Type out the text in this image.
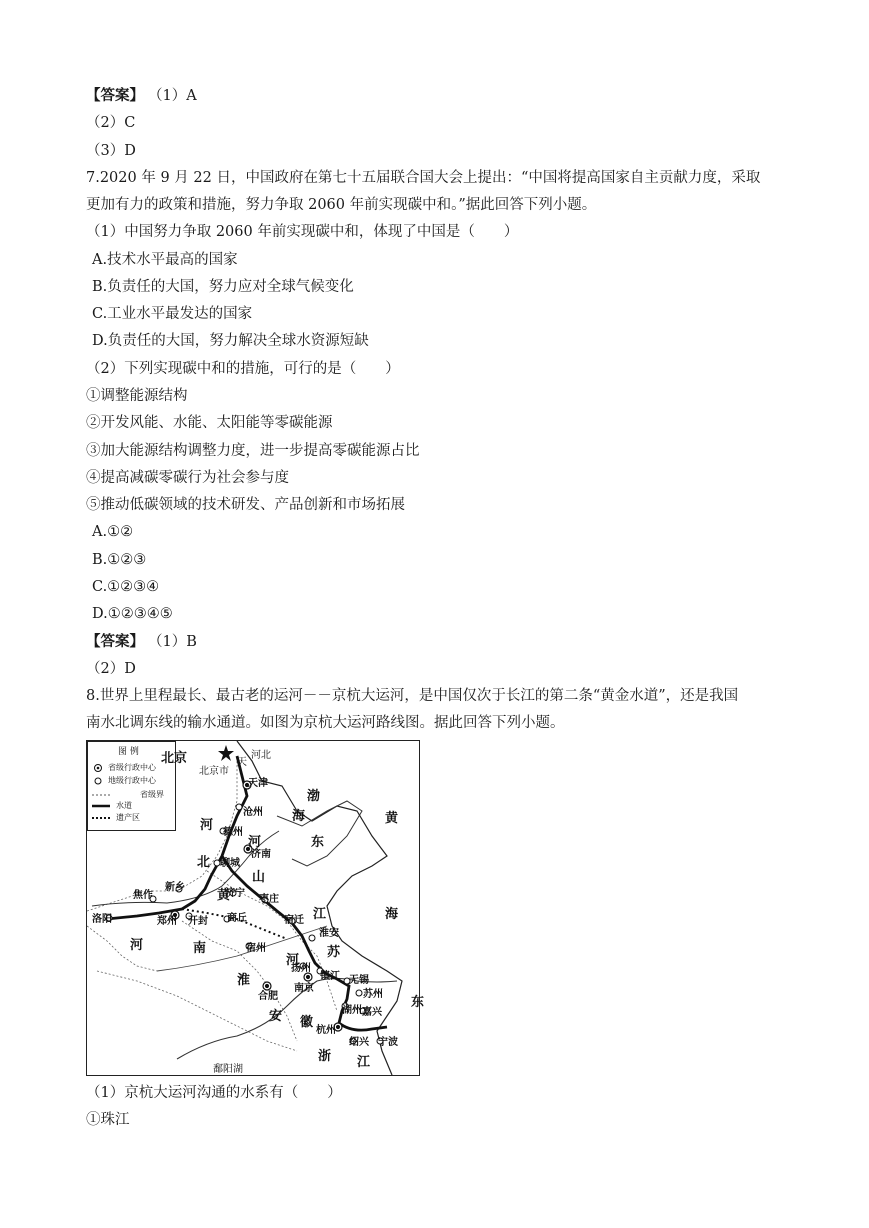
【答案】 （1）A
（2）C
（3）D
7.2020 年 9 月 22 日，中国政府在第七十五届联合国大会上提出：“中国将提高国家自主贡献力度，采取
更加有力的政策和措施，努力争取 2060 年前实现碳中和。”据此回答下列小题。
（1）中国努力争取 2060 年前实现碳中和，体现了中国是（　　）
A.技术水平最高的国家
B.负责任的大国，努力应对全球气候变化
C.工业水平最发达的国家
D.负责任的大国，努力解决全球水资源短缺
（2）下列实现碳中和的措施，可行的是（　　）
①调整能源结构
②开发风能、水能、太阳能等零碳能源
③加大能源结构调整力度，进一步提高零碳能源占比
④提高减碳零碳行为社会参与度
⑤推动低碳领域的技术研发、产品创新和市场拓展
A.①②
B.①②③
C.①②③④
D.①②③④⑤
【答案】 （1）B
（2）D
8.世界上里程最长、最古老的运河－－京杭大运河，是中国仅次于长江的第二条“黄金水道”，还是我国
南水北调东线的输水通道。如图为京杭大运河路线图。据此回答下列小题。
（1）京杭大运河沟通的水系有（　　）
①珠江
图 例
省级行政中心
地级行政中心
省级界
水道
遗产区
北京
北京市
天
河北
天津
渤
海
沧州
河
北
德州
河
黄
东
济南
聊城
山
新乡
焦作	黄
济宁
枣庄
海
洛阳	郑州 开封 商丘	宿迁 江
河	南	宿州
淮安
苏
河
扬州
镇江 无锡
淮
合肥
南京
苏州
东
湖州 嘉兴
安 徽
杭州
绍兴 宁波
浙 江
鄱阳湖
